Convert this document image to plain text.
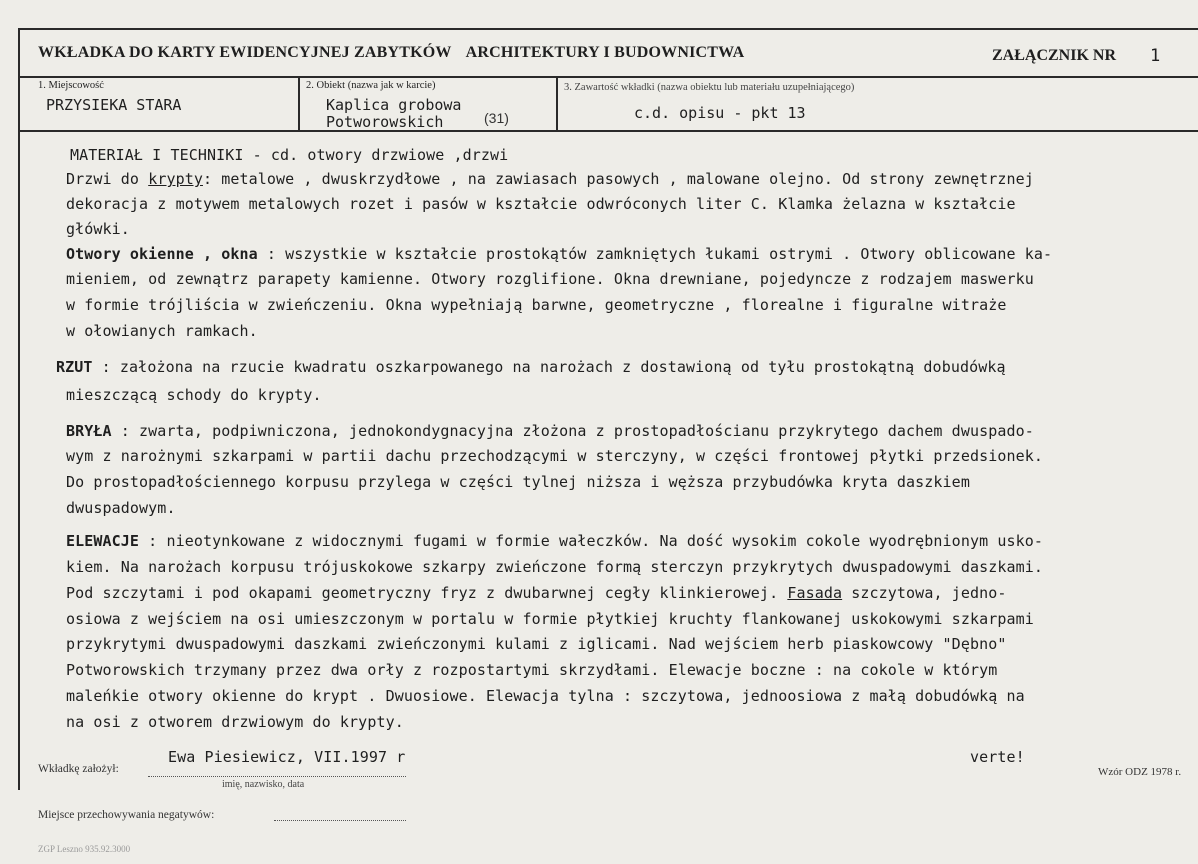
WKŁADKA DO KARTY EWIDENCYJNEJ ZABYTKÓW ARCHITEKTURY I BUDOWNICTWA	ZAŁĄCZNIK NR 1
1. Miejscowość
PRZYSIEKA STARA
2. Obiekt (nazwa jak w karcie)
Kaplica grobowa
Potworowskich	(31)
3. Zawartość wkładki (nazwa obiektu lub materiału uzupełniającego)
c.d. opisu - pkt 13
MATERIAŁ I TECHNIKI - cd. otwory drzwiowe ,drzwi
Drzwi do krypty: metalowe , dwuskrzydłowe , na zawiasach pasowych , malowane olejno. Od strony zewnętrznej
dekoracja z motywem metalowych rozet i pasów w kształcie odwróconych liter C. Klamka żelazna w kształcie
główki.
Otwory okienne , okna : wszystkie w kształcie prostokątów zamkniętych łukami ostrymi . Otwory oblicowane ka-
mieniem, od zewnątrz parapety kamienne. Otwory rozglifione. Okna drewniane, pojedyncze z rodzajem maswerku
w formie trójliścia w zwieńczeniu. Okna wypełniają barwne, geometryczne , florealne i figuralne witraże
w ołowianych ramkach.
RZUT : założona na rzucie kwadratu oszkarpowanego na narożach z dostawioną od tyłu prostokątną dobudówką
mieszczącą schody do krypty.
BRYŁA : zwarta, podpiwniczona, jednokondygnacyjna złożona z prostopadłościanu przykrytego dachem dwuspado-
wym z narożnymi szkarpami w partii dachu przechodzącymi w sterczyny, w części frontowej płytki przedsionek.
Do prostopadłościennego korpusu przylega w części tylnej niższa i węższa przybudówka kryta daszkiem
dwuspadowym.
ELEWACJE : nieotynkowane z widocznymi fugami w formie wałeczków. Na dość wysokim cokole wyodrębnionym usko-
kiem. Na narożach korpusu trójuskokowe szkarpy zwieńczone formą sterczyn przykrytych dwuspadowymi daszkami.
Pod szczytami i pod okapami geometryczny fryz z dwubarwnej cegły klinkierowej. Fasada szczytowa, jedno-
osiowa z wejściem na osi umieszczonym w portalu w formie płytkiej kruchty flankowanej uskokowymi szkarpami
przykrytymi dwuspadowymi daszkami zwieńczonymi kulami z iglicami. Nad wejściem herb piaskowcowy "Dębno"
Potworowskich trzymany przez dwa orły z rozpostartymi skrzydłami. Elewacje boczne : na cokole w którym
maleńkie otwory okienne do krypt . Dwuosiowe. Elewacja tylna : szczytowa, jednoosiowa z małą dobudówką na
na osi z otworem drzwiowym do krypty.
Wkładkę założył:
Ewa Piesiewicz, VII.1997 r
imię, nazwisko, data
verte!
Wzór ODZ 1978 r.
Miejsce przechowywania negatywów:
ZGP Leszno 935.92.3000
